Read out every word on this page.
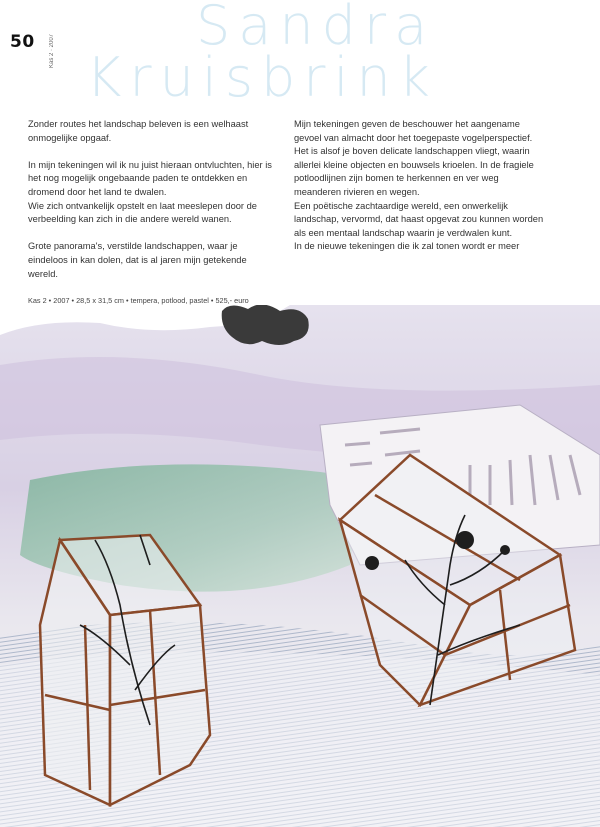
50	Kas 2 · 2007	Sandra
Kruisbrink

Zonder routes het landschap beleven is een welhaast onmogelijke opgaaf.

In mijn tekeningen wil ik nu juist hieraan ontvluchten, hier is het nog mogelijk ongebaande paden te ontdekken en dromend door het land te dwalen.

Wie zich ontvankelijk opstelt en laat meeslepen door de verbeelding kan zich in die andere wereld wanen.

Grote panorama's, verstilde landschappen, waar je eindeloos in kan dolen, dat is al jaren mijn getekende wereld.

Mijn tekeningen geven de beschouwer het aangename gevoel van almacht door het toegepaste vogelperspectief.

Het is alsof je boven delicate landschappen vliegt, waarin allerlei kleine objecten en bouwsels krioelen. In de fragiele potloodlijnen zijn bomen te herkennen en ver weg meanderen rivieren en wegen.

Een poëtische zachtaardige wereld, een onwerkelijk landschap, vervormd, dat haast opgevat zou kunnen worden als een mentaal landschap waarin je verdwalen kunt.

In de nieuwe tekeningen die ik zal tonen wordt er meer

Kas 2 • 2007 • 28,5 x 31,5 cm • tempera, potlood, pastel • 525,- euro
